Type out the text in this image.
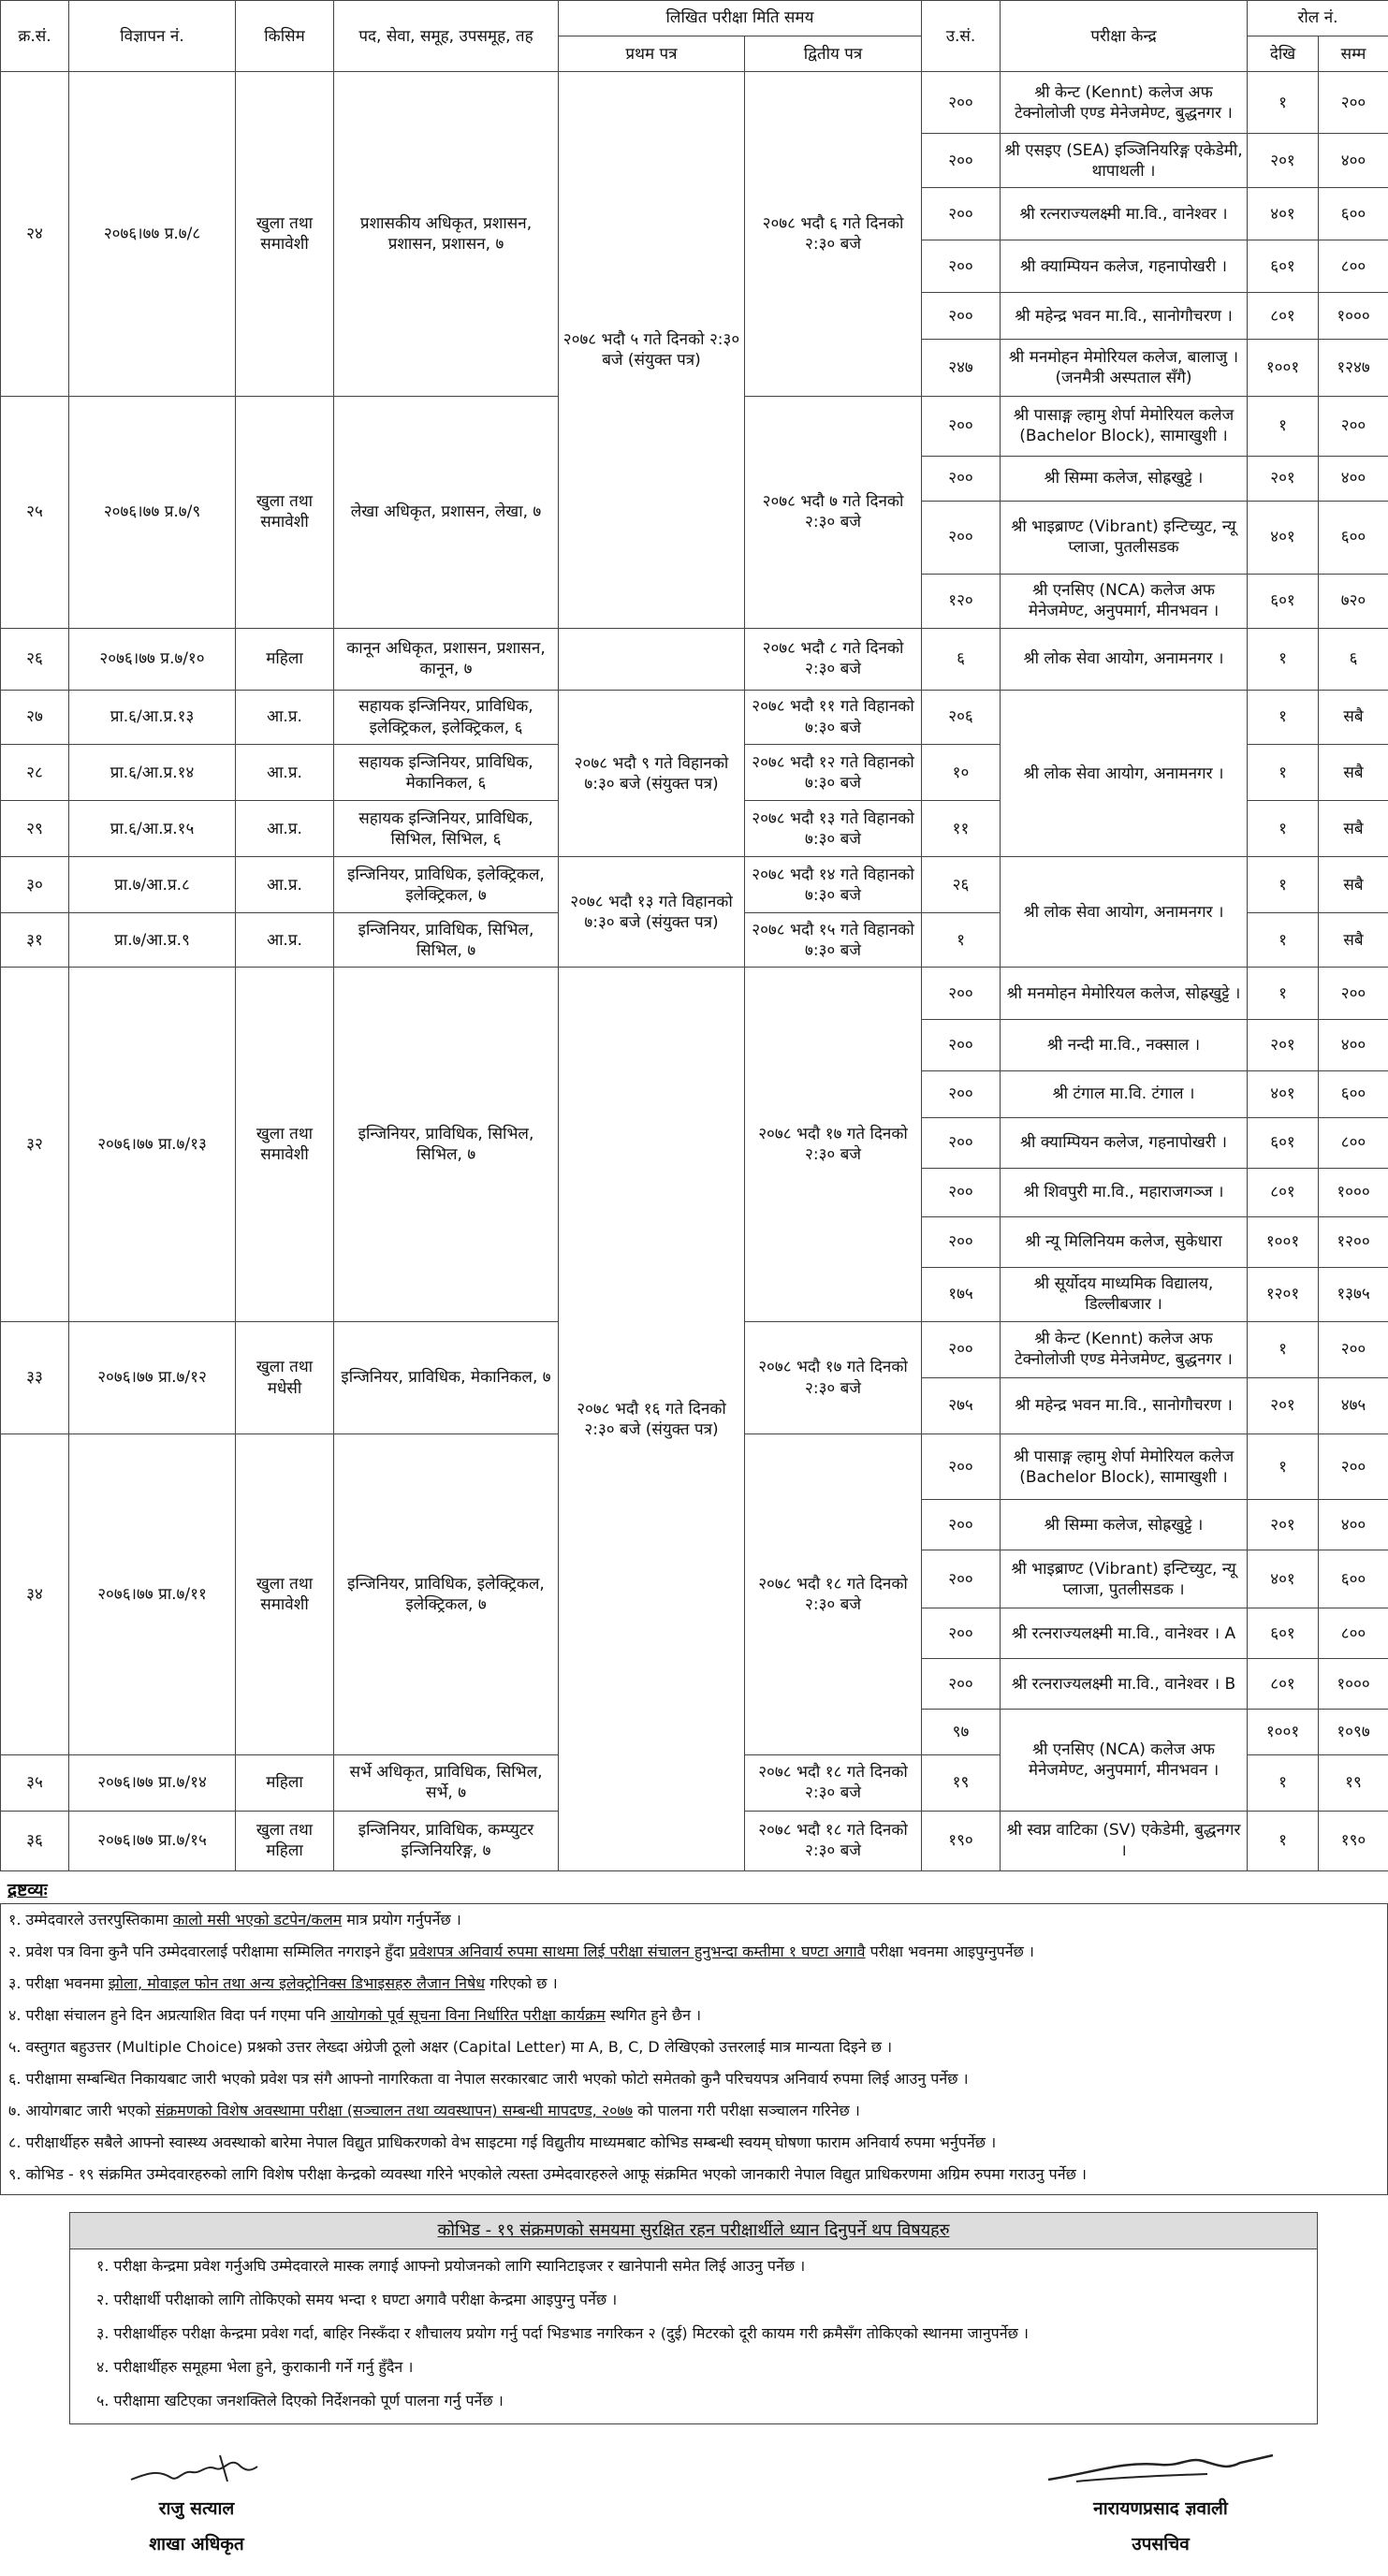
क्र.सं.	विज्ञापन नं.	किसिम	पद, सेवा, समूह, उपसमूह, तह	लिखित परीक्षा मिति समय		उ.सं.	परीक्षा केन्द्र	रोल नं.	
				प्रथम पत्र	द्वितीय पत्र			देखि	सम्म
२४	२०७६।७७ प्र.७/८	खुला तथा समावेशी	प्रशासकीय अधिकृत, प्रशासन, प्रशासन, प्रशासन, ७	२०७८ भदौ ५ गते दिनको २:३० बजे (संयुक्त पत्र)	२०७८ भदौ ६ गते दिनको २:३० बजे	२००	श्री केन्ट (Kennt) कलेज अफ टेक्नोलोजी एण्ड मेनेजमेण्ट, बुद्धनगर ।	१	२००
						२००	श्री एसइए (SEA) इञ्जिनियरिङ्ग एकेडेमी, थापाथली ।	२०१	४००
						२००	श्री रत्नराज्यलक्ष्मी मा.वि., वानेश्वर ।	४०१	६००
						२००	श्री क्याम्पियन कलेज, गहनापोखरी ।	६०१	८००
						२००	श्री महेन्द्र भवन मा.वि., सानोगौचरण ।	८०१	१०००
						२४७	श्री मनमोहन मेमोरियल कलेज, बालाजु । (जनमैत्री अस्पताल सँगै)	१००१	१२४७
२५	२०७६।७७ प्र.७/९	खुला तथा समावेशी	लेखा अधिकृत, प्रशासन, लेखा, ७		२०७८ भदौ ७ गते दिनको २:३० बजे	२००	श्री पासाङ्ग ल्हामु शेर्पा मेमोरियल कलेज (Bachelor Block), सामाखुशी ।	१	२००
						२००	श्री सिम्मा कलेज, सोह्रखुट्टे ।	२०१	४००
						२००	श्री भाइब्राण्ट (Vibrant) इन्टिच्युट, न्यू प्लाजा, पुतलीसडक	४०१	६००
						१२०	श्री एनसिए (NCA) कलेज अफ मेनेजमेण्ट, अनुपमार्ग, मीनभवन ।	६०१	७२०
२६	२०७६।७७ प्र.७/१०	महिला	कानून अधिकृत, प्रशासन, प्रशासन, कानून, ७		२०७८ भदौ ८ गते दिनको २:३० बजे	६	श्री लोक सेवा आयोग, अनामनगर ।	१	६
२७	प्रा.६/आ.प्र.१३	आ.प्र.	सहायक इन्जिनियर, प्राविधिक, इलेक्ट्रिकल, इलेक्ट्रिकल, ६	२०७८ भदौ ९ गते विहानको ७:३० बजे (संयुक्त पत्र)	२०७८ भदौ ११ गते विहानको ७:३० बजे	२०६	श्री लोक सेवा आयोग, अनामनगर ।	१	सबै
२८	प्रा.६/आ.प्र.१४	आ.प्र.	सहायक इन्जिनियर, प्राविधिक, मेकानिकल, ६		२०७८ भदौ १२ गते विहानको ७:३० बजे	१०		१	सबै
२९	प्रा.६/आ.प्र.१५	आ.प्र.	सहायक इन्जिनियर, प्राविधिक, सिभिल, सिभिल, ६		२०७८ भदौ १३ गते विहानको ७:३० बजे	११		१	सबै
३०	प्रा.७/आ.प्र.८	आ.प्र.	इन्जिनियर, प्राविधिक, इलेक्ट्रिकल, इलेक्ट्रिकल, ७	२०७८ भदौ १३ गते विहानको ७:३० बजे (संयुक्त पत्र)	२०७८ भदौ १४ गते विहानको ७:३० बजे	२६	श्री लोक सेवा आयोग, अनामनगर ।	१	सबै
३१	प्रा.७/आ.प्र.९	आ.प्र.	इन्जिनियर, प्राविधिक, सिभिल, सिभिल, ७		२०७८ भदौ १५ गते विहानको ७:३० बजे	१		१	सबै
३२	२०७६।७७ प्रा.७/१३	खुला तथा समावेशी	इन्जिनियर, प्राविधिक, सिभिल, सिभिल, ७	२०७८ भदौ १६ गते दिनको २:३० बजे (संयुक्त पत्र)	२०७८ भदौ १७ गते दिनको २:३० बजे	२००	श्री मनमोहन मेमोरियल कलेज, सोह्रखुट्टे ।	१	२००
						२००	श्री नन्दी मा.वि., नक्साल ।	२०१	४००
						२००	श्री टंगाल मा.वि. टंगाल ।	४०१	६००
						२००	श्री क्याम्पियन कलेज, गहनापोखरी ।	६०१	८००
						२००	श्री शिवपुरी मा.वि., महाराजगञ्ज ।	८०१	१०००
						२००	श्री न्यू मिलिनियम कलेज, सुकेधारा	१००१	१२००
						१७५	श्री सूर्योदय माध्यमिक विद्यालय, डिल्लीबजार ।	१२०१	१३७५
३३	२०७६।७७ प्रा.७/१२	खुला तथा मधेसी	इन्जिनियर, प्राविधिक, मेकानिकल, ७		२०७८ भदौ १७ गते दिनको २:३० बजे	२००	श्री केन्ट (Kennt) कलेज अफ टेक्नोलोजी एण्ड मेनेजमेण्ट, बुद्धनगर ।	१	२००
						२७५	श्री महेन्द्र भवन मा.वि., सानोगौचरण ।	२०१	४७५
३४	२०७६।७७ प्रा.७/११	खुला तथा समावेशी	इन्जिनियर, प्राविधिक, इलेक्ट्रिकल, इलेक्ट्रिकल, ७		२०७८ भदौ १८ गते दिनको २:३० बजे	२००	श्री पासाङ्ग ल्हामु शेर्पा मेमोरियल कलेज (Bachelor Block), सामाखुशी ।	१	२००
						२००	श्री सिम्मा कलेज, सोह्रखुट्टे ।	२०१	४००
						२००	श्री भाइब्राण्ट (Vibrant) इन्टिच्युट, न्यू प्लाजा, पुतलीसडक ।	४०१	६००
						२००	श्री रत्नराज्यलक्ष्मी मा.वि., वानेश्वर । A	६०१	८००
						२००	श्री रत्नराज्यलक्ष्मी मा.वि., वानेश्वर । B	८०१	१०००
						९७	श्री एनसिए (NCA) कलेज अफ मेनेजमेण्ट, अनुपमार्ग, मीनभवन ।	१००१	१०९७
३५	२०७६।७७ प्रा.७/१४	महिला	सर्भे अधिकृत, प्राविधिक, सिभिल, सर्भे, ७		२०७८ भदौ १८ गते दिनको २:३० बजे	१९		१	१९
३६	२०७६।७७ प्रा.७/१५	खुला तथा महिला	इन्जिनियर, प्राविधिक, कम्प्युटर इन्जिनियरिङ्ग, ७		२०७८ भदौ १८ गते दिनको २:३० बजे	१९०	श्री स्वप्न वाटिका (SV) एकेडेमी, बुद्धनगर ।	१	१९०
द्रष्टव्यः
१. उम्मेदवारले उत्तरपुस्तिकामा कालो मसी भएको डटपेन/कलम मात्र प्रयोग गर्नुपर्नेछ ।
२. प्रवेश पत्र विना कुनै पनि उम्मेदवारलाई परीक्षामा सम्मिलित नगराइने हुँदा प्रवेशपत्र अनिवार्य रुपमा साथमा लिई परीक्षा संचालन हुनुभन्दा कम्तीमा १ घण्टा अगावै परीक्षा भवनमा आइपुग्नुपर्नेछ ।
३. परीक्षा भवनमा झोला, मोवाइल फोन तथा अन्य इलेक्ट्रोनिक्स डिभाइसहरु लैजान निषेध गरिएको छ ।
४. परीक्षा संचालन हुने दिन अप्रत्याशित विदा पर्न गएमा पनि आयोगको पूर्व सूचना विना निर्धारित परीक्षा कार्यक्रम स्थगित हुने छैन ।
५. वस्तुगत बहुउत्तर (Multiple Choice) प्रश्नको उत्तर लेख्दा अंग्रेजी ठूलो अक्षर (Capital Letter) मा A, B, C, D लेखिएको उत्तरलाई मात्र मान्यता दिइने छ ।
६. परीक्षामा सम्बन्धित निकायबाट जारी भएको प्रवेश पत्र संगै आफ्नो नागरिकता वा नेपाल सरकारबाट जारी भएको फोटो समेतको कुनै परिचयपत्र अनिवार्य रुपमा लिई आउनु पर्नेछ ।
७. आयोगबाट जारी भएको संक्रमणको विशेष अवस्थामा परीक्षा (सञ्चालन तथा व्यवस्थापन) सम्बन्धी मापदण्ड, २०७७ को पालना गरी परीक्षा सञ्चालन गरिनेछ ।
८. परीक्षार्थीहरु सबैले आफ्नो स्वास्थ्य अवस्थाको बारेमा नेपाल विद्युत प्राधिकरणको वेभ साइटमा गई विद्युतीय माध्यमबाट कोभिड सम्बन्धी स्वयम् घोषणा फाराम अनिवार्य रुपमा भर्नुपर्नेछ ।
९. कोभिड - १९ संक्रमित उम्मेदवारहरुको लागि विशेष परीक्षा केन्द्रको व्यवस्था गरिने भएकोले त्यस्ता उम्मेदवारहरुले आफू संक्रमित भएको जानकारी नेपाल विद्युत प्राधिकरणमा अग्रिम रुपमा गराउनु पर्नेछ ।
कोभिड - १९ संक्रमणको समयमा सुरक्षित रहन परीक्षार्थीले ध्यान दिनुपर्ने थप विषयहरु
१. परीक्षा केन्द्रमा प्रवेश गर्नुअघि उम्मेदवारले मास्क लगाई आफ्नो प्रयोजनको लागि स्यानिटाइजर र खानेपानी समेत लिई आउनु पर्नेछ ।
२. परीक्षार्थी परीक्षाको लागि तोकिएको समय भन्दा १ घण्टा अगावै परीक्षा केन्द्रमा आइपुग्नु पर्नेछ ।
३. परीक्षार्थीहरु परीक्षा केन्द्रमा प्रवेश गर्दा, बाहिर निस्कँदा र शौचालय प्रयोग गर्नु पर्दा भिडभाड नगरिकन २ (दुई) मिटरको दूरी कायम गरी क्रमैसँग तोकिएको स्थानमा जानुपर्नेछ ।
४. परीक्षार्थीहरु समूहमा भेला हुने, कुराकानी गर्ने गर्नु हुँदैन ।
५. परीक्षामा खटिएका जनशक्तिले दिएको निर्देशनको पूर्ण पालना गर्नु पर्नेछ ।
राजु सत्याल
शाखा अधिकृत
नारायणप्रसाद ज्ञवाली
उपसचिव
